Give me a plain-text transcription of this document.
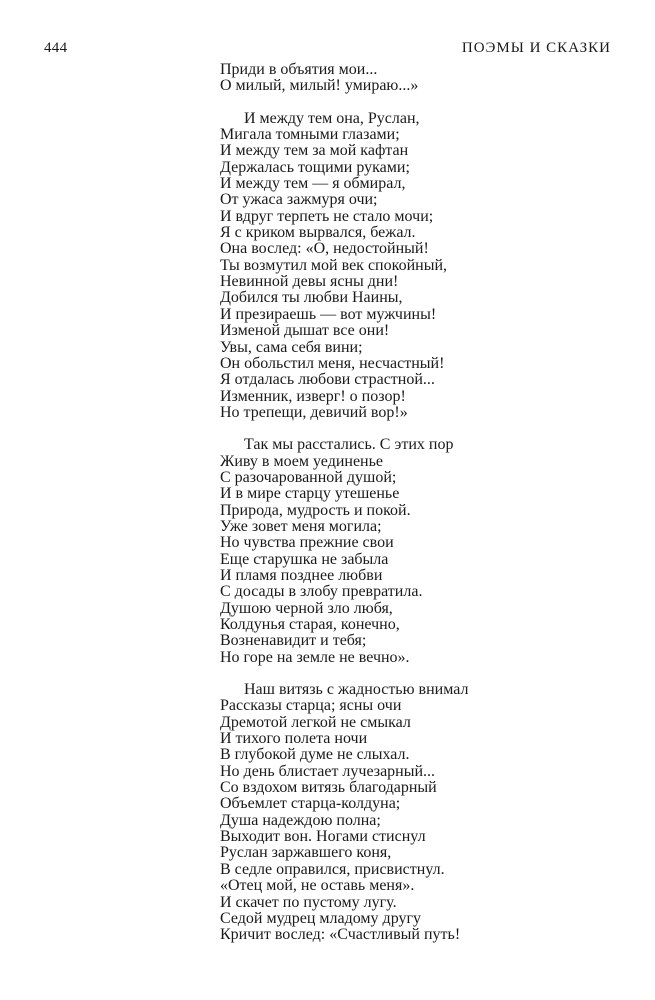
444	ПОЭМЫ И СКАЗКИ
Приди в объятия мои...
О милый, милый! умираю...»
И между тем она, Руслан,
Мигала томными глазами;
И между тем за мой кафтан
Держалась тощими руками;
И между тем — я обмирал,
От ужаса зажмуря очи;
И вдруг терпеть не стало мочи;
Я с криком вырвался, бежал.
Она вослед: «О, недостойный!
Ты возмутил мой век спокойный,
Невинной девы ясны дни!
Добился ты любви Наины,
И презираешь — вот мужчины!
Изменой дышат все они!
Увы, сама себя вини;
Он обольстил меня, несчастный!
Я отдалась любови страстной...
Изменник, изверг! о позор!
Но трепещи, девичий вор!»
Так мы расстались. С этих пор
Живу в моем уединенье
С разочарованной душой;
И в мире старцу утешенье
Природа, мудрость и покой.
Уже зовет меня могила;
Но чувства прежние свои
Еще старушка не забыла
И пламя позднее любви
С досады в злобу превратила.
Душою черной зло любя,
Колдунья старая, конечно,
Возненавидит и тебя;
Но горе на земле не вечно».
Наш витязь с жадностью внимал
Рассказы старца; ясны очи
Дремотой легкой не смыкал
И тихого полета ночи
В глубокой думе не слыхал.
Но день блистает лучезарный...
Со вздохом витязь благодарный
Объемлет старца-колдуна;
Душа надеждою полна;
Выходит вон. Ногами стиснул
Руслан заржавшего коня,
В седле оправился, присвистнул.
«Отец мой, не оставь меня».
И скачет по пустому лугу.
Седой мудрец младому другу
Кричит вослед: «Счастливый путь!
